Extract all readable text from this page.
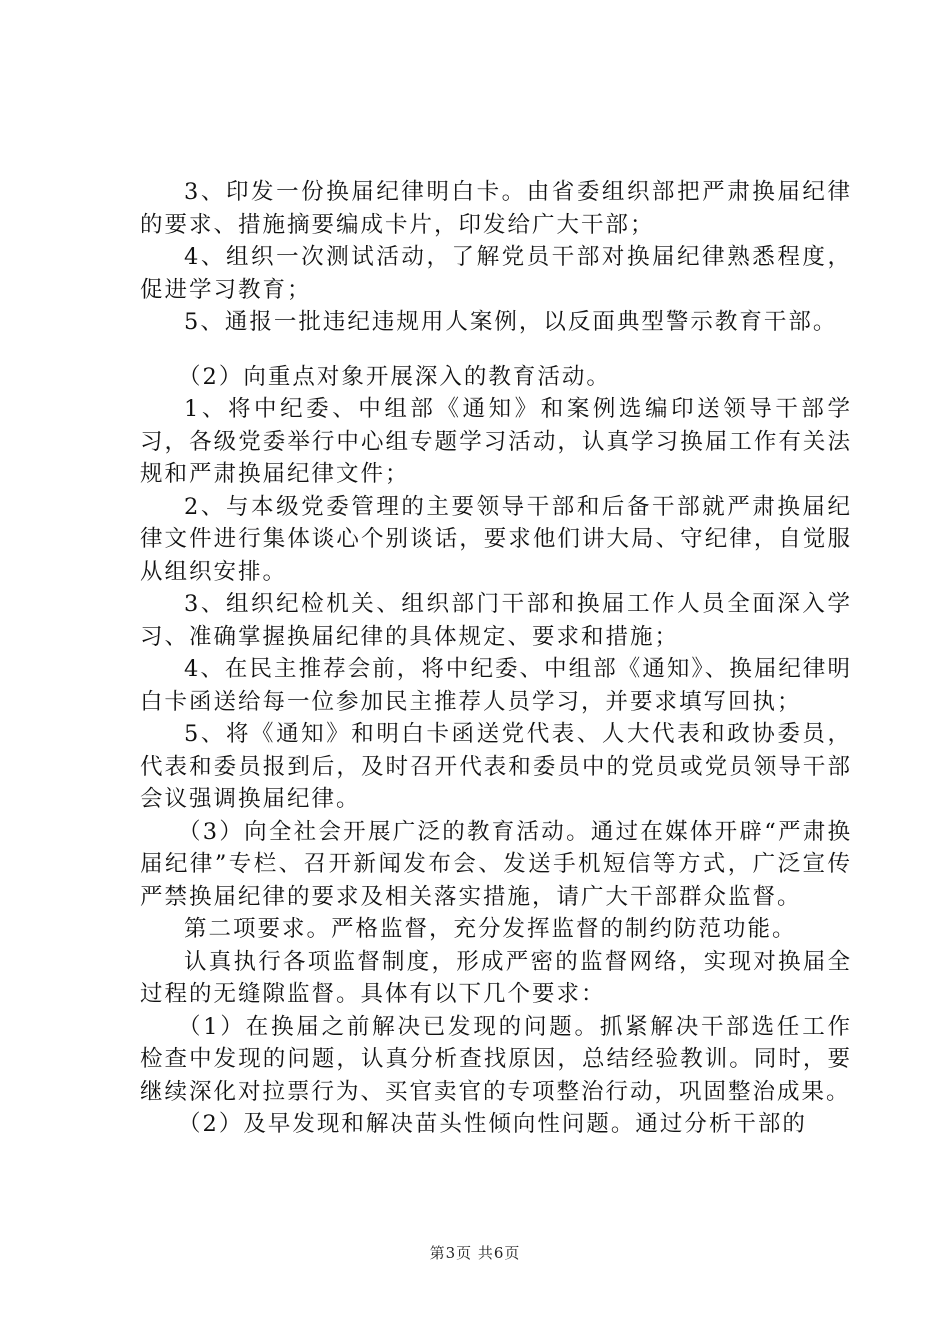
3、印发一份换届纪律明白卡。由省委组织部把严肃换届纪律的要求、措施摘要编成卡片，印发给广大干部；

4、组织一次测试活动，了解党员干部对换届纪律熟悉程度，促进学习教育；

5、通报一批违纪违规用人案例，以反面典型警示教育干部。

（2）向重点对象开展深入的教育活动。

1、将中纪委、中组部《通知》和案例选编印送领导干部学习，各级党委举行中心组专题学习活动，认真学习换届工作有关法规和严肃换届纪律文件；

2、与本级党委管理的主要领导干部和后备干部就严肃换届纪律文件进行集体谈心个别谈话，要求他们讲大局、守纪律，自觉服从组织安排。

3、组织纪检机关、组织部门干部和换届工作人员全面深入学习、准确掌握换届纪律的具体规定、要求和措施；

4、在民主推荐会前，将中纪委、中组部《通知》、换届纪律明白卡函送给每一位参加民主推荐人员学习，并要求填写回执；

5、将《通知》和明白卡函送党代表、人大代表和政协委员，代表和委员报到后，及时召开代表和委员中的党员或党员领导干部会议强调换届纪律。

（3）向全社会开展广泛的教育活动。通过在媒体开辟“严肃换届纪律”专栏、召开新闻发布会、发送手机短信等方式，广泛宣传严禁换届纪律的要求及相关落实措施，请广大干部群众监督。

第二项要求。严格监督，充分发挥监督的制约防范功能。

认真执行各项监督制度，形成严密的监督网络，实现对换届全过程的无缝隙监督。具体有以下几个要求：

（1）在换届之前解决已发现的问题。抓紧解决干部选任工作检查中发现的问题，认真分析查找原因，总结经验教训。同时，要继续深化对拉票行为、买官卖官的专项整治行动，巩固整治成果。

（2）及早发现和解决苗头性倾向性问题。通过分析干部的

第3页 共6页
